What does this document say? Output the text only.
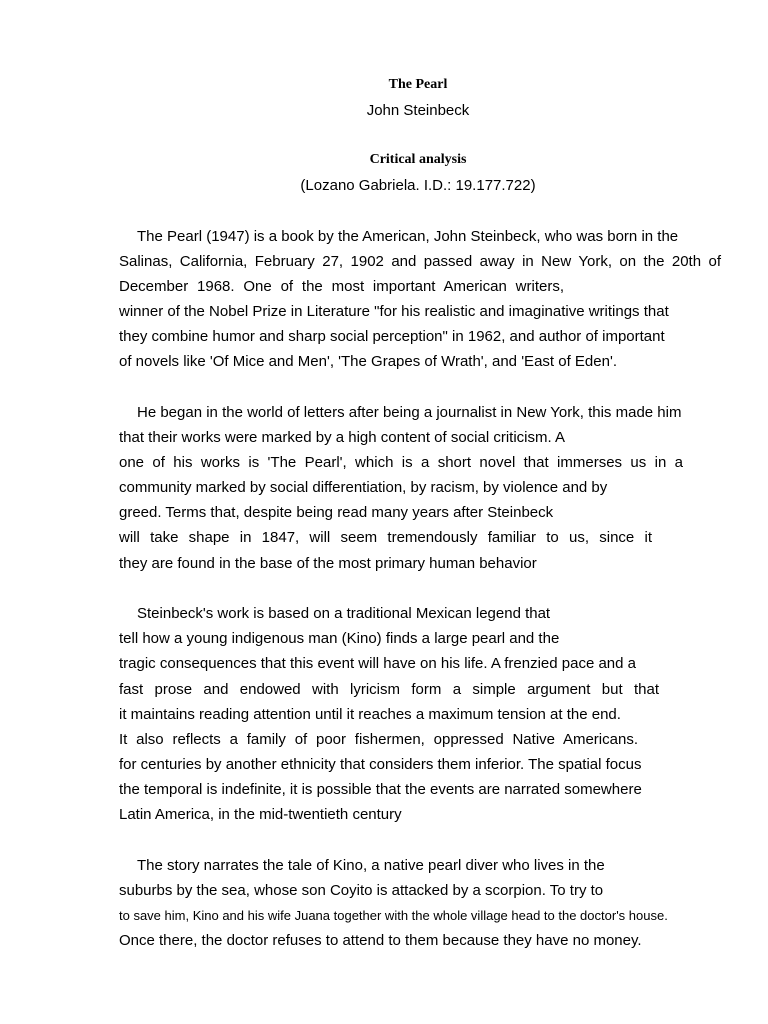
The Pearl
John Steinbeck
Critical analysis
(Lozano Gabriela. I.D.: 19.177.722)
The Pearl (1947) is a book by the American, John Steinbeck, who was born in the
Salinas, California, February 27, 1902 and passed away in New York, on the 20th of
December 1968. One of the most important American writers,
winner of the Nobel Prize in Literature "for his realistic and imaginative writings that
they combine humor and sharp social perception" in 1962, and author of important
of novels like 'Of Mice and Men', 'The Grapes of Wrath', and 'East of Eden'.
He began in the world of letters after being a journalist in New York, this made him
that their works were marked by a high content of social criticism. A
one of his works is 'The Pearl', which is a short novel that immerses us in a
community marked by social differentiation, by racism, by violence and by
greed. Terms that, despite being read many years after Steinbeck
will take shape in 1847, will seem tremendously familiar to us, since it
they are found in the base of the most primary human behavior
Steinbeck's work is based on a traditional Mexican legend that
tell how a young indigenous man (Kino) finds a large pearl and the
tragic consequences that this event will have on his life. A frenzied pace and a
fast prose and endowed with lyricism form a simple argument but that
it maintains reading attention until it reaches a maximum tension at the end.
It also reflects a family of poor fishermen, oppressed Native Americans.
for centuries by another ethnicity that considers them inferior. The spatial focus
the temporal is indefinite, it is possible that the events are narrated somewhere
Latin America, in the mid-twentieth century
The story narrates the tale of Kino, a native pearl diver who lives in the
suburbs by the sea, whose son Coyito is attacked by a scorpion. To try to
to save him, Kino and his wife Juana together with the whole village head to the doctor's house.
Once there, the doctor refuses to attend to them because they have no money.
